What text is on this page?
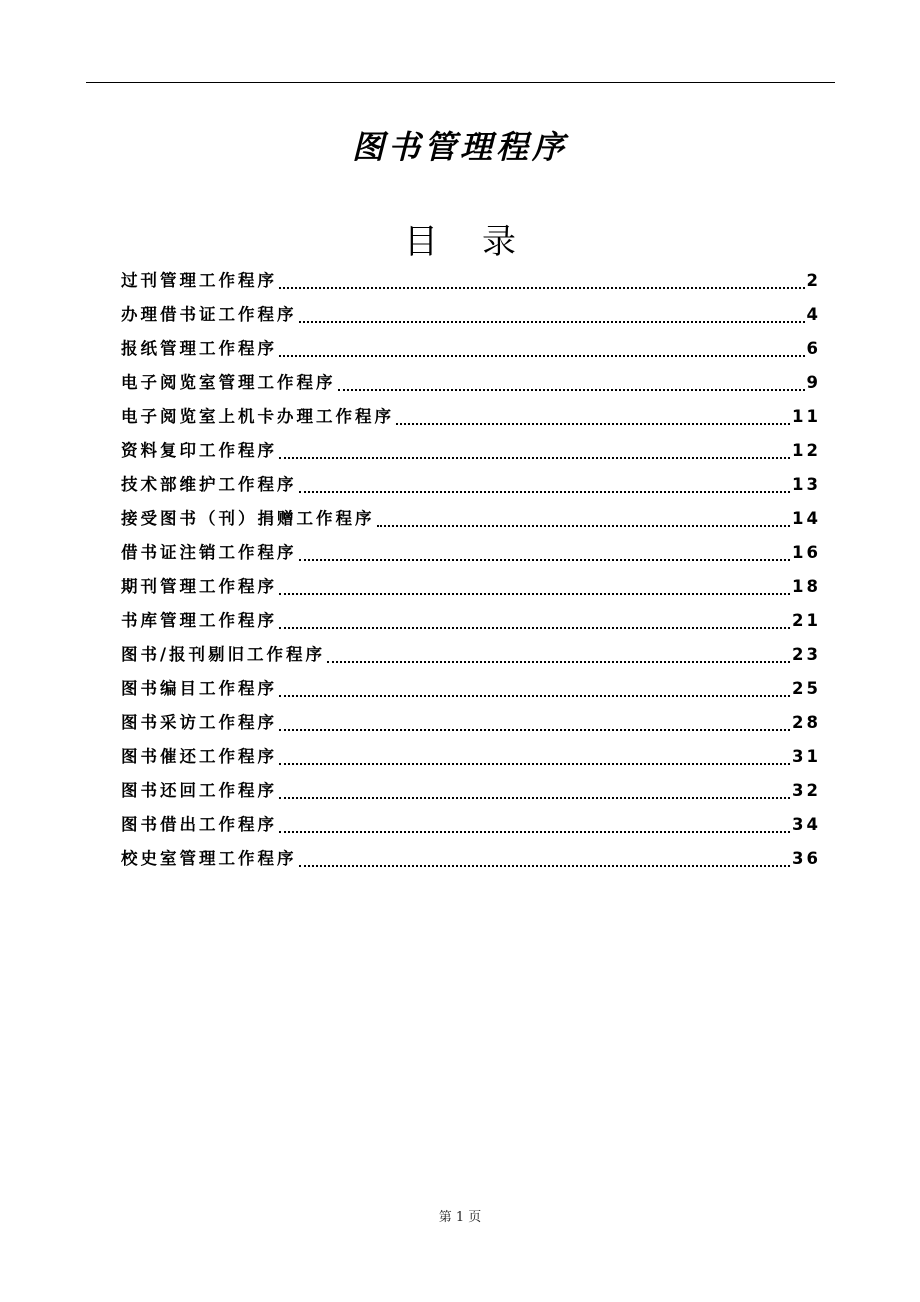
图书管理程序
目 录
过刊管理工作程序	2
办理借书证工作程序	4
报纸管理工作程序	6
电子阅览室管理工作程序	9
电子阅览室上机卡办理工作程序	11
资料复印工作程序	12
技术部维护工作程序	13
接受图书（刊）捐赠工作程序	14
借书证注销工作程序	16
期刊管理工作程序	18
书库管理工作程序	21
图书/报刊剔旧工作程序	23
图书编目工作程序	25
图书采访工作程序	28
图书催还工作程序	31
图书还回工作程序	32
图书借出工作程序	34
校史室管理工作程序	36
第 1 页
